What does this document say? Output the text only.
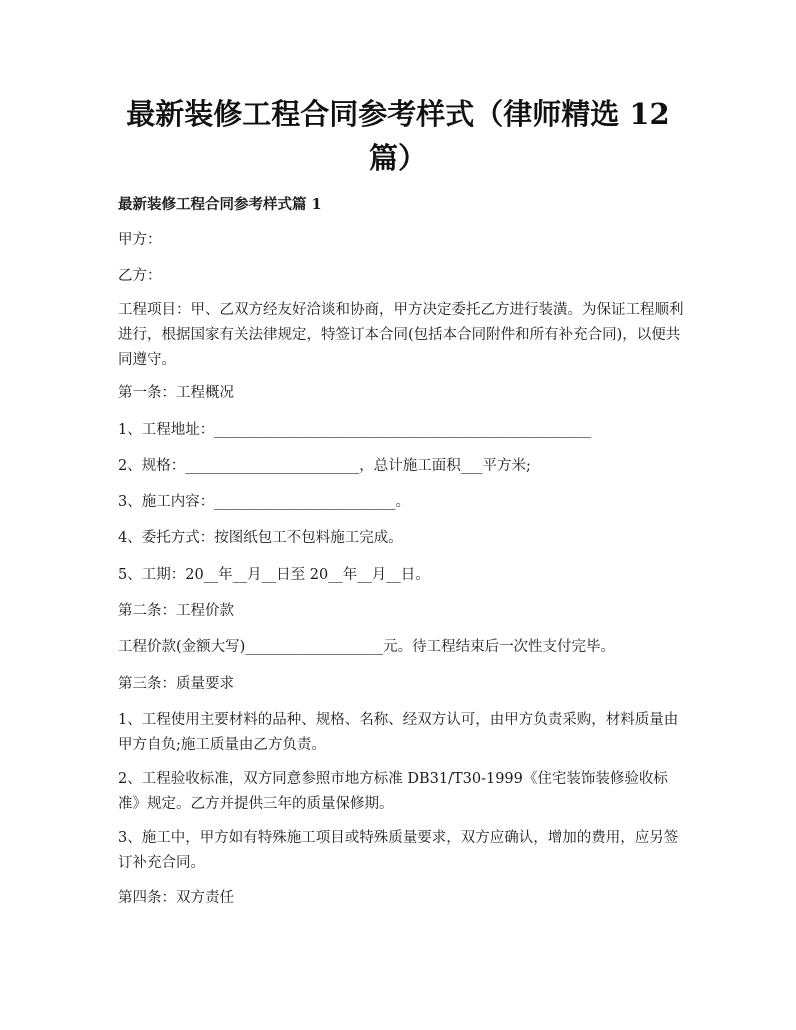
最新装修工程合同参考样式（律师精选 12 篇）

最新装修工程合同参考样式篇 1

甲方：

乙方：

工程项目：甲、乙双方经友好洽谈和协商，甲方决定委托乙方进行装潢。为保证工程顺利进行，根据国家有关法律规定，特签订本合同(包括本合同附件和所有补充合同)，以便共同遵守。

第一条：工程概况

1、工程地址：____________________________________________________

2、规格：________________________，总计施工面积___平方米;

3、施工内容：_________________________。

4、委托方式：按图纸包工不包料施工完成。

5、工期：20__年__月__日至 20__年__月__日。

第二条：工程价款

工程价款(金额大写)___________________元。待工程结束后一次性支付完毕。

第三条：质量要求

1、工程使用主要材料的品种、规格、名称、经双方认可，由甲方负责采购，材料质量由甲方自负;施工质量由乙方负责。

2、工程验收标准，双方同意参照市地方标准 DB31/T30-1999《住宅装饰装修验收标准》规定。乙方并提供三年的质量保修期。

3、施工中，甲方如有特殊施工项目或特殊质量要求，双方应确认，增加的费用，应另签订补充合同。

第四条：双方责任
